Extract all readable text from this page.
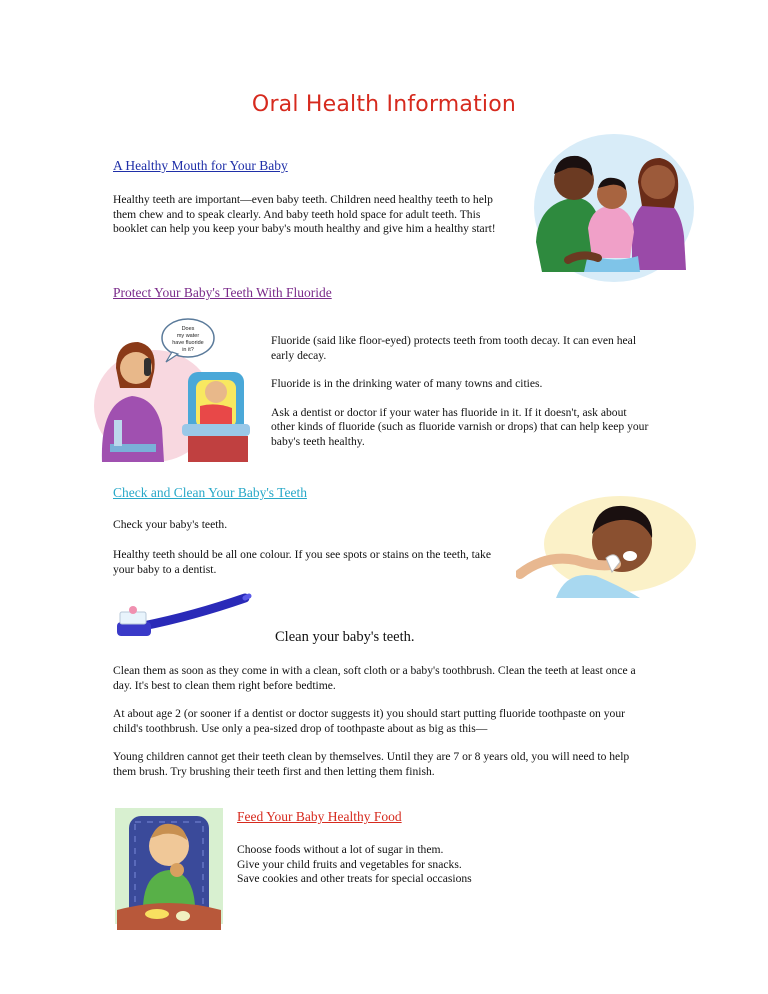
Oral Health Information
A Healthy Mouth for Your Baby
Healthy teeth are important—even baby teeth. Children need healthy teeth to help them chew and to speak clearly. And baby teeth hold space for adult teeth. This booklet can help you keep your baby's mouth healthy and give him a healthy start!
Protect Your Baby's Teeth With Fluoride
Does
my water
have fluoride
in it?

Fluoride (said like floor-eyed) protects teeth from tooth decay. It can even heal early decay.

Fluoride is in the drinking water of many towns and cities.

Ask a dentist or doctor if your water has fluoride in it. If it doesn't, ask about other kinds of fluoride (such as fluoride varnish or drops) that can help keep your baby's teeth healthy.

Check and Clean Your Baby's Teeth
Check your baby's teeth.
Healthy teeth should be all one colour. If you see spots or stains on the teeth, take your baby to a dentist.
Clean your baby's teeth.

Clean them as soon as they come in with a clean, soft cloth or a baby's toothbrush. Clean the teeth at least once a day. It's best to clean them right before bedtime.

At about age 2 (or sooner if a dentist or doctor suggests it) you should start putting fluoride toothpaste on your child's toothbrush. Use only a pea-sized drop of toothpaste about as big as this—

Young children cannot get their teeth clean by themselves. Until they are 7 or 8 years old, you will need to help them brush. Try brushing their teeth first and then letting them finish.

Feed Your Baby Healthy Food
Choose foods without a lot of sugar in them.
Give your child fruits and vegetables for snacks.
Save cookies and other treats for special occasions
